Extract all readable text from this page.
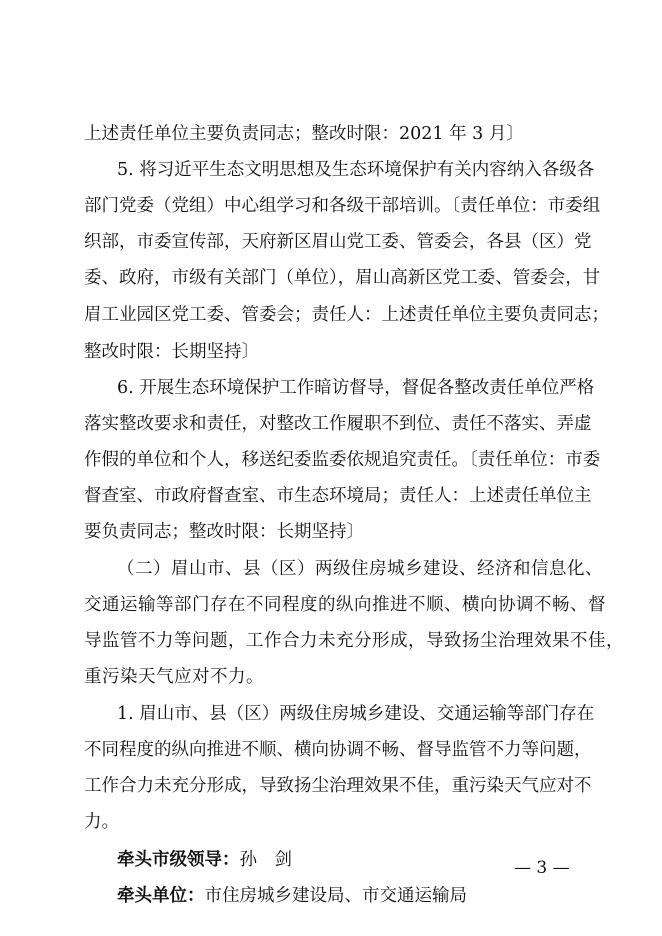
上述责任单位主要负责同志；整改时限：2021 年 3 月〕
5. 将习近平生态文明思想及生态环境保护有关内容纳入各级各
部门党委（党组）中心组学习和各级干部培训。〔责任单位：市委组
织部，市委宣传部，天府新区眉山党工委、管委会，各县（区）党
委、政府，市级有关部门（单位），眉山高新区党工委、管委会，甘
眉工业园区党工委、管委会；责任人：上述责任单位主要负责同志；
整改时限：长期坚持〕
6. 开展生态环境保护工作暗访督导，督促各整改责任单位严格
落实整改要求和责任，对整改工作履职不到位、责任不落实、弄虚
作假的单位和个人，移送纪委监委依规追究责任。〔责任单位：市委
督查室、市政府督查室、市生态环境局；责任人：上述责任单位主
要负责同志；整改时限：长期坚持〕
（二）眉山市、县（区）两级住房城乡建设、经济和信息化、
交通运输等部门存在不同程度的纵向推进不顺、横向协调不畅、督
导监管不力等问题，工作合力未充分形成，导致扬尘治理效果不佳，
重污染天气应对不力。
1. 眉山市、县（区）两级住房城乡建设、交通运输等部门存在
不同程度的纵向推进不顺、横向协调不畅、督导监管不力等问题，
工作合力未充分形成，导致扬尘治理效果不佳，重污染天气应对不
力。
牵头市级领导：孙　剑
牵头单位：市住房城乡建设局、市交通运输局
— 3 —
